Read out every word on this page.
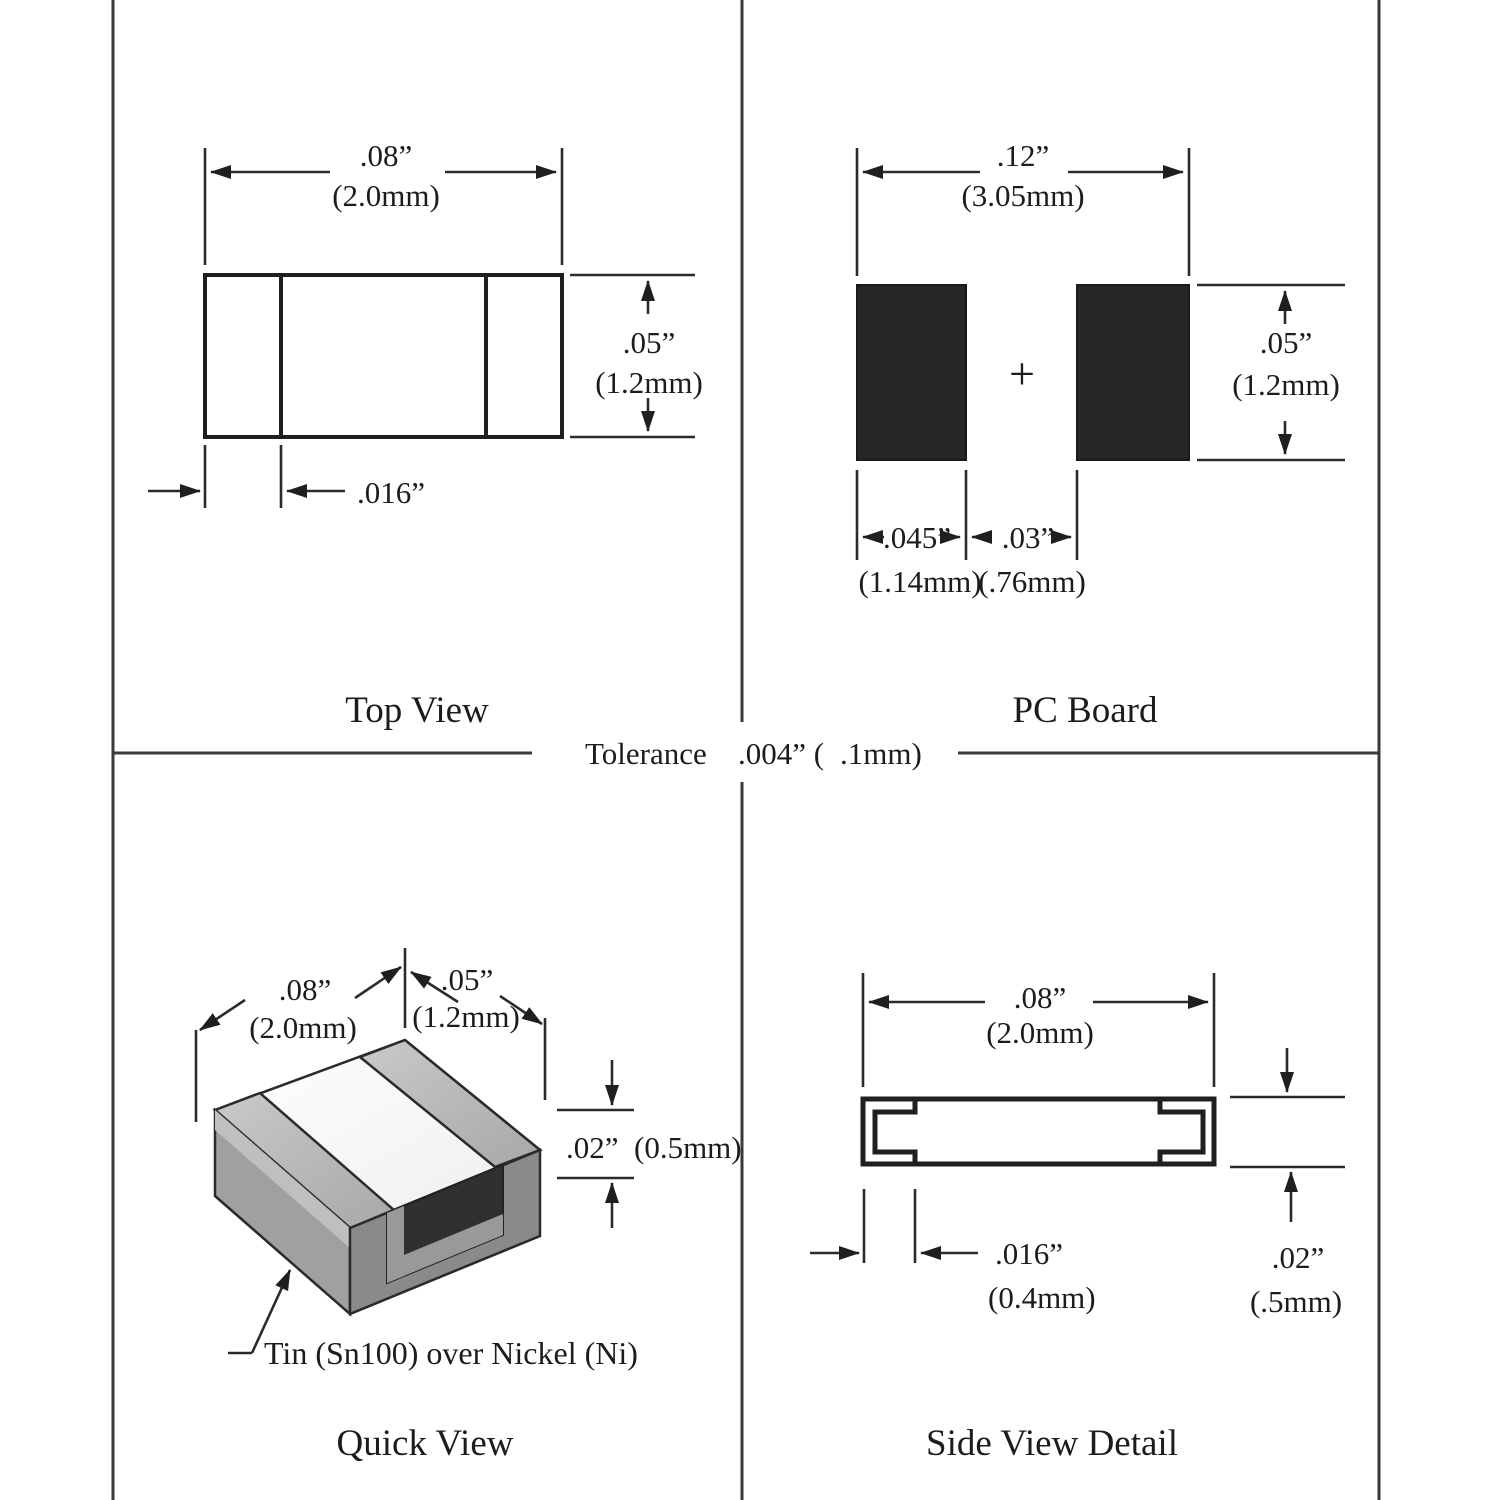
Tolerance .004” ( .1mm)
.08”
(2.0mm)
.05”
(1.2mm)
.016”
Top View
.12”
(3.05mm)
+
.05”
(1.2mm)
.045” .03”
(1.14mm)
(.76mm)
PC Board
.08”
(2.0mm)
.05”
(1.2mm)
.02” (0.5mm)
Tin (Sn100) over Nickel (Ni)
Quick View
.08”
(2.0mm)
.016”
(0.4mm)
.02”
(.5mm)
Side View Detail
